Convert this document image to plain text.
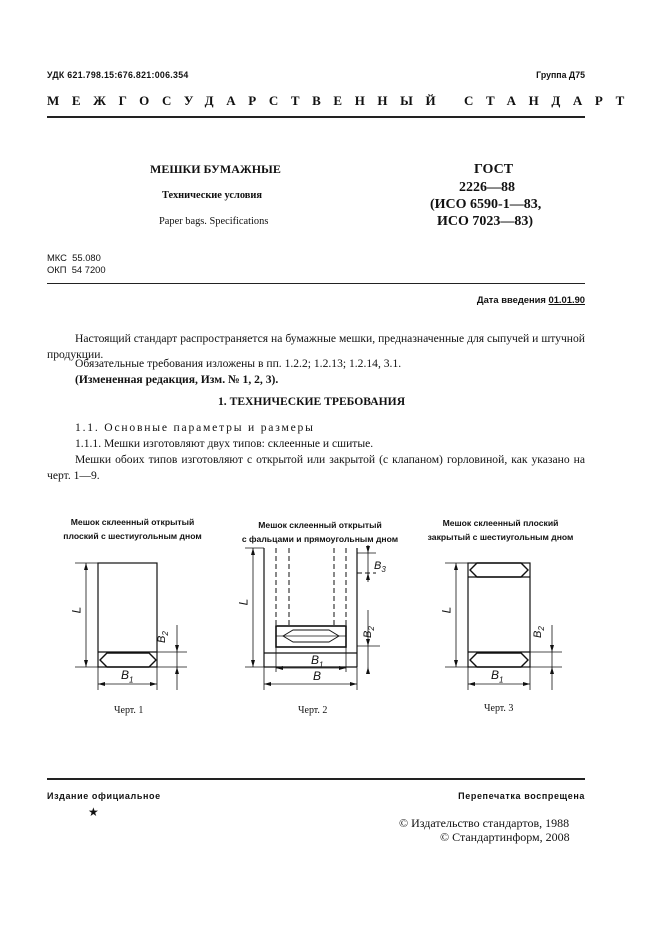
УДК 621.798.15:676.821:006.354	Группа Д75
МЕЖГОСУДАРСТВЕННЫЙ СТАНДАРТ
МЕШКИ БУМАЖНЫЕ
Технические условия
Paper bags. Specifications
ГОСТ
2226—88
(ИСО 6590-1—83,
ИСО 7023—83)
МКС 55.080
ОКП 54 7200
Дата введения 01.01.90

Настоящий стандарт распространяется на бумажные мешки, предназначенные для сыпучей и штучной продукции.

Обязательные требования изложены в пп. 1.2.2; 1.2.13; 1.2.14, 3.1.

(Измененная редакция, Изм. № 1, 2, 3).

1. ТЕХНИЧЕСКИЕ ТРЕБОВАНИЯ

1.1. Основные параметры и размеры

1.1.1. Мешки изготовляют двух типов: склеенные и сшитые.

Мешки обоих типов изготовляют с открытой или закрытой (с клапаном) горловиной, как указано на черт. 1—9.

Мешок склеенный открытый
плоский с шестиугольным дном
Мешок склеенный открытый
с фальцами и прямоугольным дном
Мешок склеенный плоский
закрытый с шестиугольным дном
L
$B_2$
$B_1$
L
$B_3$
$B_2$
$B_1$
B
L
$B_2$
$B_1$
Черт. 1	Черт. 2	Черт. 3
Издание официальное	Перепечатка воспрещена
★
© Издательство стандартов, 1988
© Стандартинформ, 2008
